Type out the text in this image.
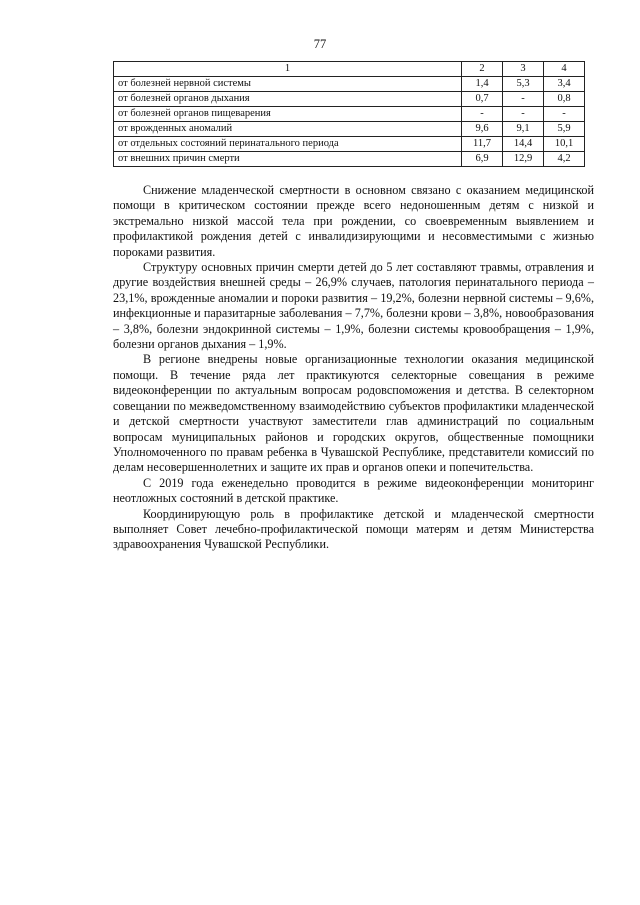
77
1	2	3	4
от болезней нервной системы	1,4	5,3	3,4
от болезней органов дыхания	0,7	-	0,8
от болезней органов пищеварения	-	-	-
от врожденных аномалий	9,6	9,1	5,9
от отдельных состояний перинатального периода	11,7	14,4	10,1
от внешних причин смерти	6,9	12,9	4,2

Снижение младенческой смертности в основном связано с оказанием медицинской помощи в критическом состоянии прежде всего недоношенным детям с низкой и экстремально низкой массой тела при рождении, со своевременным выявлением и профилактикой рождения детей с инвалидизирующими и несовместимыми с жизнью пороками развития.

Структуру основных причин смерти детей до 5 лет составляют травмы, отравления и другие воздействия внешней среды – 26,9% случаев, патология перинатального периода – 23,1%, врожденные аномалии и пороки развития – 19,2%, болезни нервной системы – 9,6%, инфекционные и паразитарные заболевания – 7,7%, болезни крови – 3,8%, новообразования – 3,8%, болезни эндокринной системы – 1,9%, болезни системы кровообращения – 1,9%, болезни органов дыхания – 1,9%.

В регионе внедрены новые организационные технологии оказания медицинской помощи. В течение ряда лет практикуются селекторные совещания в режиме видеоконференции по актуальным вопросам родовспоможения и детства. В селекторном совещании по межведомственному взаимодействию субъектов профилактики младенческой и детской смертности участвуют заместители глав администраций по социальным вопросам муниципальных районов и городских округов, общественные помощники Уполномоченного по правам ребенка в Чувашской Республике, представители комиссий по делам несовершеннолетних и защите их прав и органов опеки и попечительства.

С 2019 года еженедельно проводится в режиме видеоконференции мониторинг неотложных состояний в детской практике.

Координирующую роль в профилактике детской и младенческой смертности выполняет Совет лечебно-профилактической помощи матерям и детям Министерства здравоохранения Чувашской Республики.
